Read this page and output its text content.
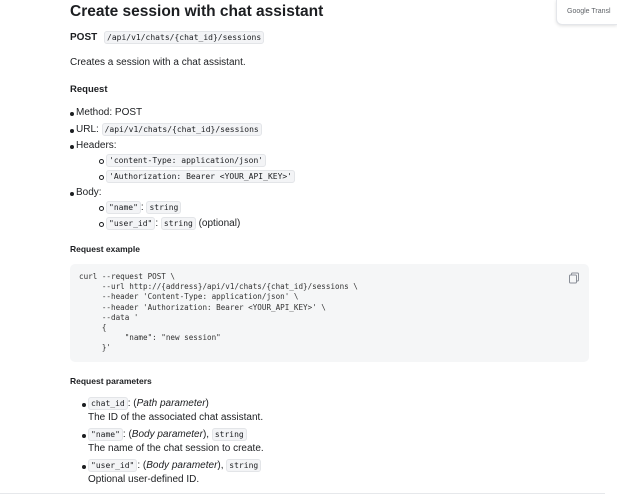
Create session with chat assistant
POST /api/v1/chats/{chat_id}/sessions
Creates a session with a chat assistant.
Request
Method: POST
URL: /api/v1/chats/{chat_id}/sessions
Headers:
'content-Type: application/json'
'Authorization: Bearer <YOUR_API_KEY>'
Body:
"name" : string
"user_id" : string (optional)
Request example
curl --request POST \
--url http://{address}/api/v1/chats/{chat_id}/sessions \
--header 'Content-Type: application/json' \
--header 'Authorization: Bearer <YOUR_API_KEY>' \
--data '
{
"name": "new session"
}'
Request parameters
chat_id : (Path parameter)
The ID of the associated chat assistant.
"name" : (Body parameter), string
The name of the chat session to create.
"user_id" : (Body parameter), string
Optional user-defined ID.
Google Transl
